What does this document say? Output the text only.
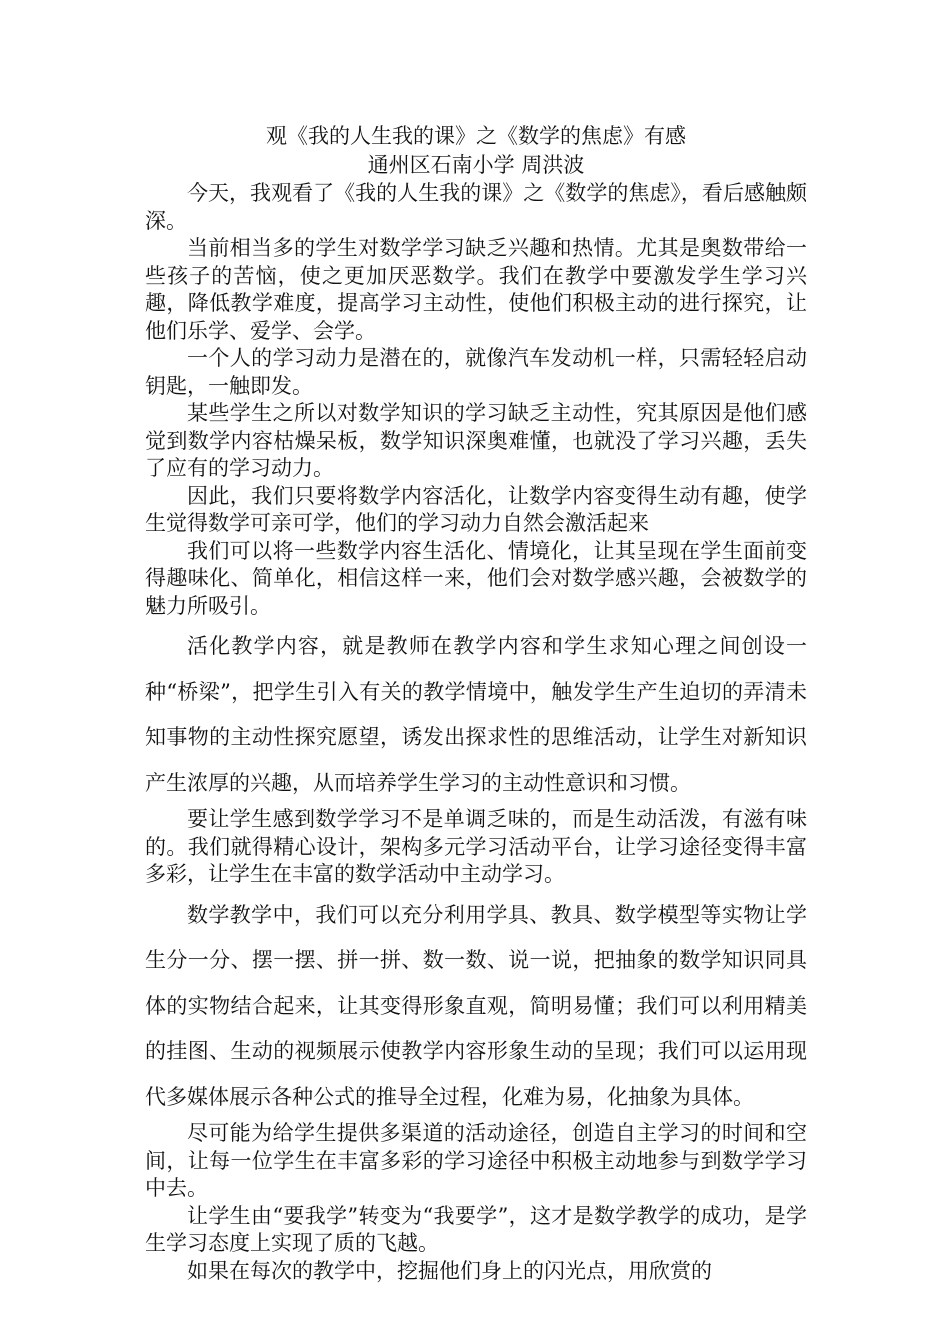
观《我的人生我的课》之《数学的焦虑》有感

通州区石南小学 周洪波

今天，我观看了《我的人生我的课》之《数学的焦虑》，看后感触颇深。

当前相当多的学生对数学学习缺乏兴趣和热情。尤其是奥数带给一些孩子的苦恼，使之更加厌恶数学。我们在教学中要激发学生学习兴趣，降低教学难度，提高学习主动性，使他们积极主动的进行探究，让他们乐学、爱学、会学。

一个人的学习动力是潜在的，就像汽车发动机一样，只需轻轻启动钥匙，一触即发。

某些学生之所以对数学知识的学习缺乏主动性，究其原因是他们感觉到数学内容枯燥呆板，数学知识深奥难懂，也就没了学习兴趣，丢失了应有的学习动力。

因此，我们只要将数学内容活化，让数学内容变得生动有趣，使学生觉得数学可亲可学，他们的学习动力自然会激活起来

我们可以将一些数学内容生活化、情境化，让其呈现在学生面前变得趣味化、简单化，相信这样一来，他们会对数学感兴趣，会被数学的魅力所吸引。

活化教学内容，就是教师在教学内容和学生求知心理之间创设一种“桥梁”，把学生引入有关的教学情境中，触发学生产生迫切的弄清未知事物的主动性探究愿望，诱发出探求性的思维活动，让学生对新知识产生浓厚的兴趣，从而培养学生学习的主动性意识和习惯。

要让学生感到数学学习不是单调乏味的，而是生动活泼，有滋有味的。我们就得精心设计，架构多元学习活动平台，让学习途径变得丰富多彩，让学生在丰富的数学活动中主动学习。

数学教学中，我们可以充分利用学具、教具、数学模型等实物让学生分一分、摆一摆、拼一拼、数一数、说一说，把抽象的数学知识同具体的实物结合起来，让其变得形象直观，简明易懂；我们可以利用精美的挂图、生动的视频展示使教学内容形象生动的呈现；我们可以运用现代多媒体展示各种公式的推导全过程，化难为易，化抽象为具体。

尽可能为给学生提供多渠道的活动途径，创造自主学习的时间和空间，让每一位学生在丰富多彩的学习途径中积极主动地参与到数学学习中去。

让学生由“要我学”转变为“我要学”，这才是数学教学的成功，是学生学习态度上实现了质的飞越。

如果在每次的教学中，挖掘他们身上的闪光点，用欣赏的
